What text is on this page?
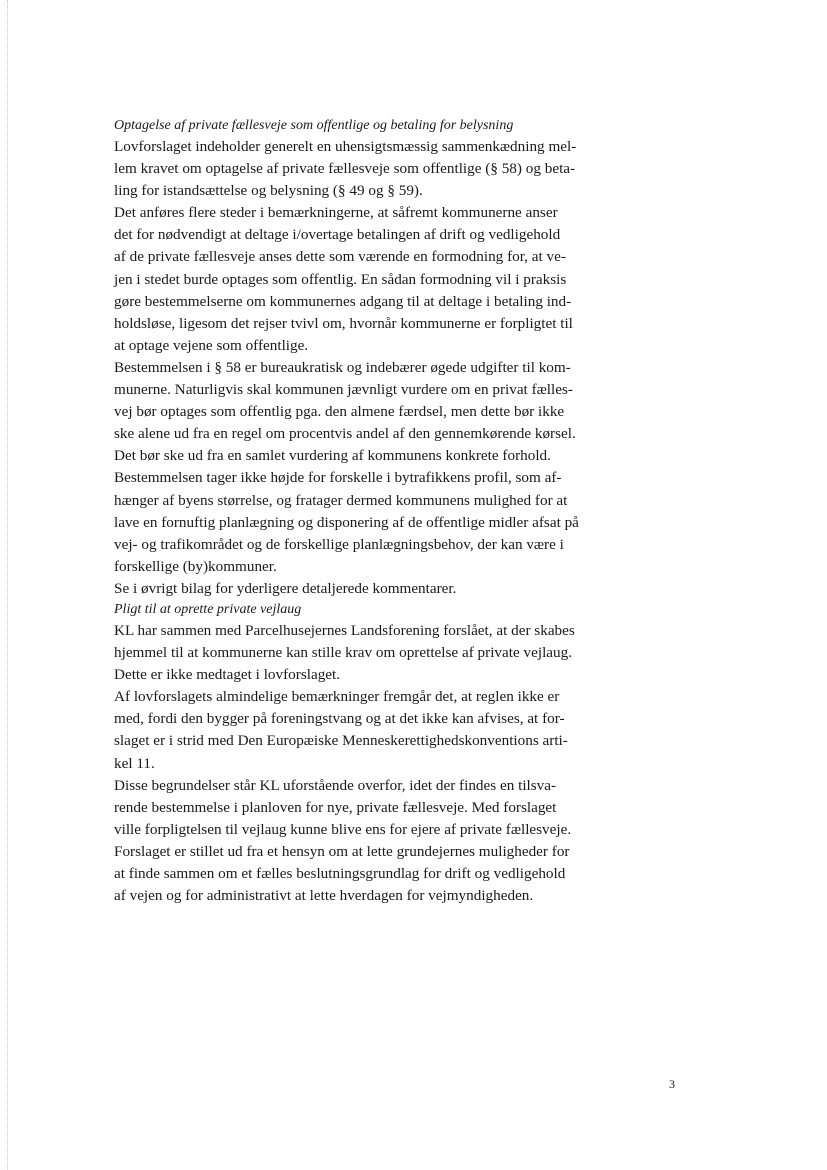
Optagelse af private fællesveje som offentlige og betaling for belysning

Lovforslaget indeholder generelt en uhensigtsmæssig sammenkædning mel-
lem kravet om optagelse af private fællesveje som offentlige (§ 58) og beta-
ling for istandsættelse og belysning (§ 49 og § 59).

Det anføres flere steder i bemærkningerne, at såfremt kommunerne anser
det for nødvendigt at deltage i/overtage betalingen af drift og vedligehold
af de private fællesveje anses dette som værende en formodning for, at ve-
jen i stedet burde optages som offentlig. En sådan formodning vil i praksis
gøre bestemmelserne om kommunernes adgang til at deltage i betaling ind-
holdsløse, ligesom det rejser tvivl om, hvornår kommunerne er forpligtet til
at optage vejene som offentlige.

Bestemmelsen i § 58 er bureaukratisk og indebærer øgede udgifter til kom-
munerne. Naturligvis skal kommunen jævnligt vurdere om en privat fælles-
vej bør optages som offentlig pga. den almene færdsel, men dette bør ikke
ske alene ud fra en regel om procentvis andel af den gennemkørende kørsel.
Det bør ske ud fra en samlet vurdering af kommunens konkrete forhold.

Bestemmelsen tager ikke højde for forskelle i bytrafikkens profil, som af-
hænger af byens størrelse, og fratager dermed kommunens mulighed for at
lave en fornuftig planlægning og disponering af de offentlige midler afsat på
vej- og trafikområdet og de forskellige planlægningsbehov, der kan være i
forskellige (by)kommuner.

Se i øvrigt bilag for yderligere detaljerede kommentarer.

Pligt til at oprette private vejlaug

KL har sammen med Parcelhusejernes Landsforening forslået, at der skabes
hjemmel til at kommunerne kan stille krav om oprettelse af private vejlaug.
Dette er ikke medtaget i lovforslaget.

Af lovforslagets almindelige bemærkninger fremgår det, at reglen ikke er
med, fordi den bygger på foreningstvang og at det ikke kan afvises, at for-
slaget er i strid med Den Europæiske Menneskerettighedskonventions arti-
kel 11.

Disse begrundelser står KL uforstående overfor, idet der findes en tilsva-
rende bestemmelse i planloven for nye, private fællesveje. Med forslaget
ville forpligtelsen til vejlaug kunne blive ens for ejere af private fællesveje.

Forslaget er stillet ud fra et hensyn om at lette grundejernes muligheder for
at finde sammen om et fælles beslutningsgrundlag for drift og vedligehold
af vejen og for administrativt at lette hverdagen for vejmyndigheden.

3
